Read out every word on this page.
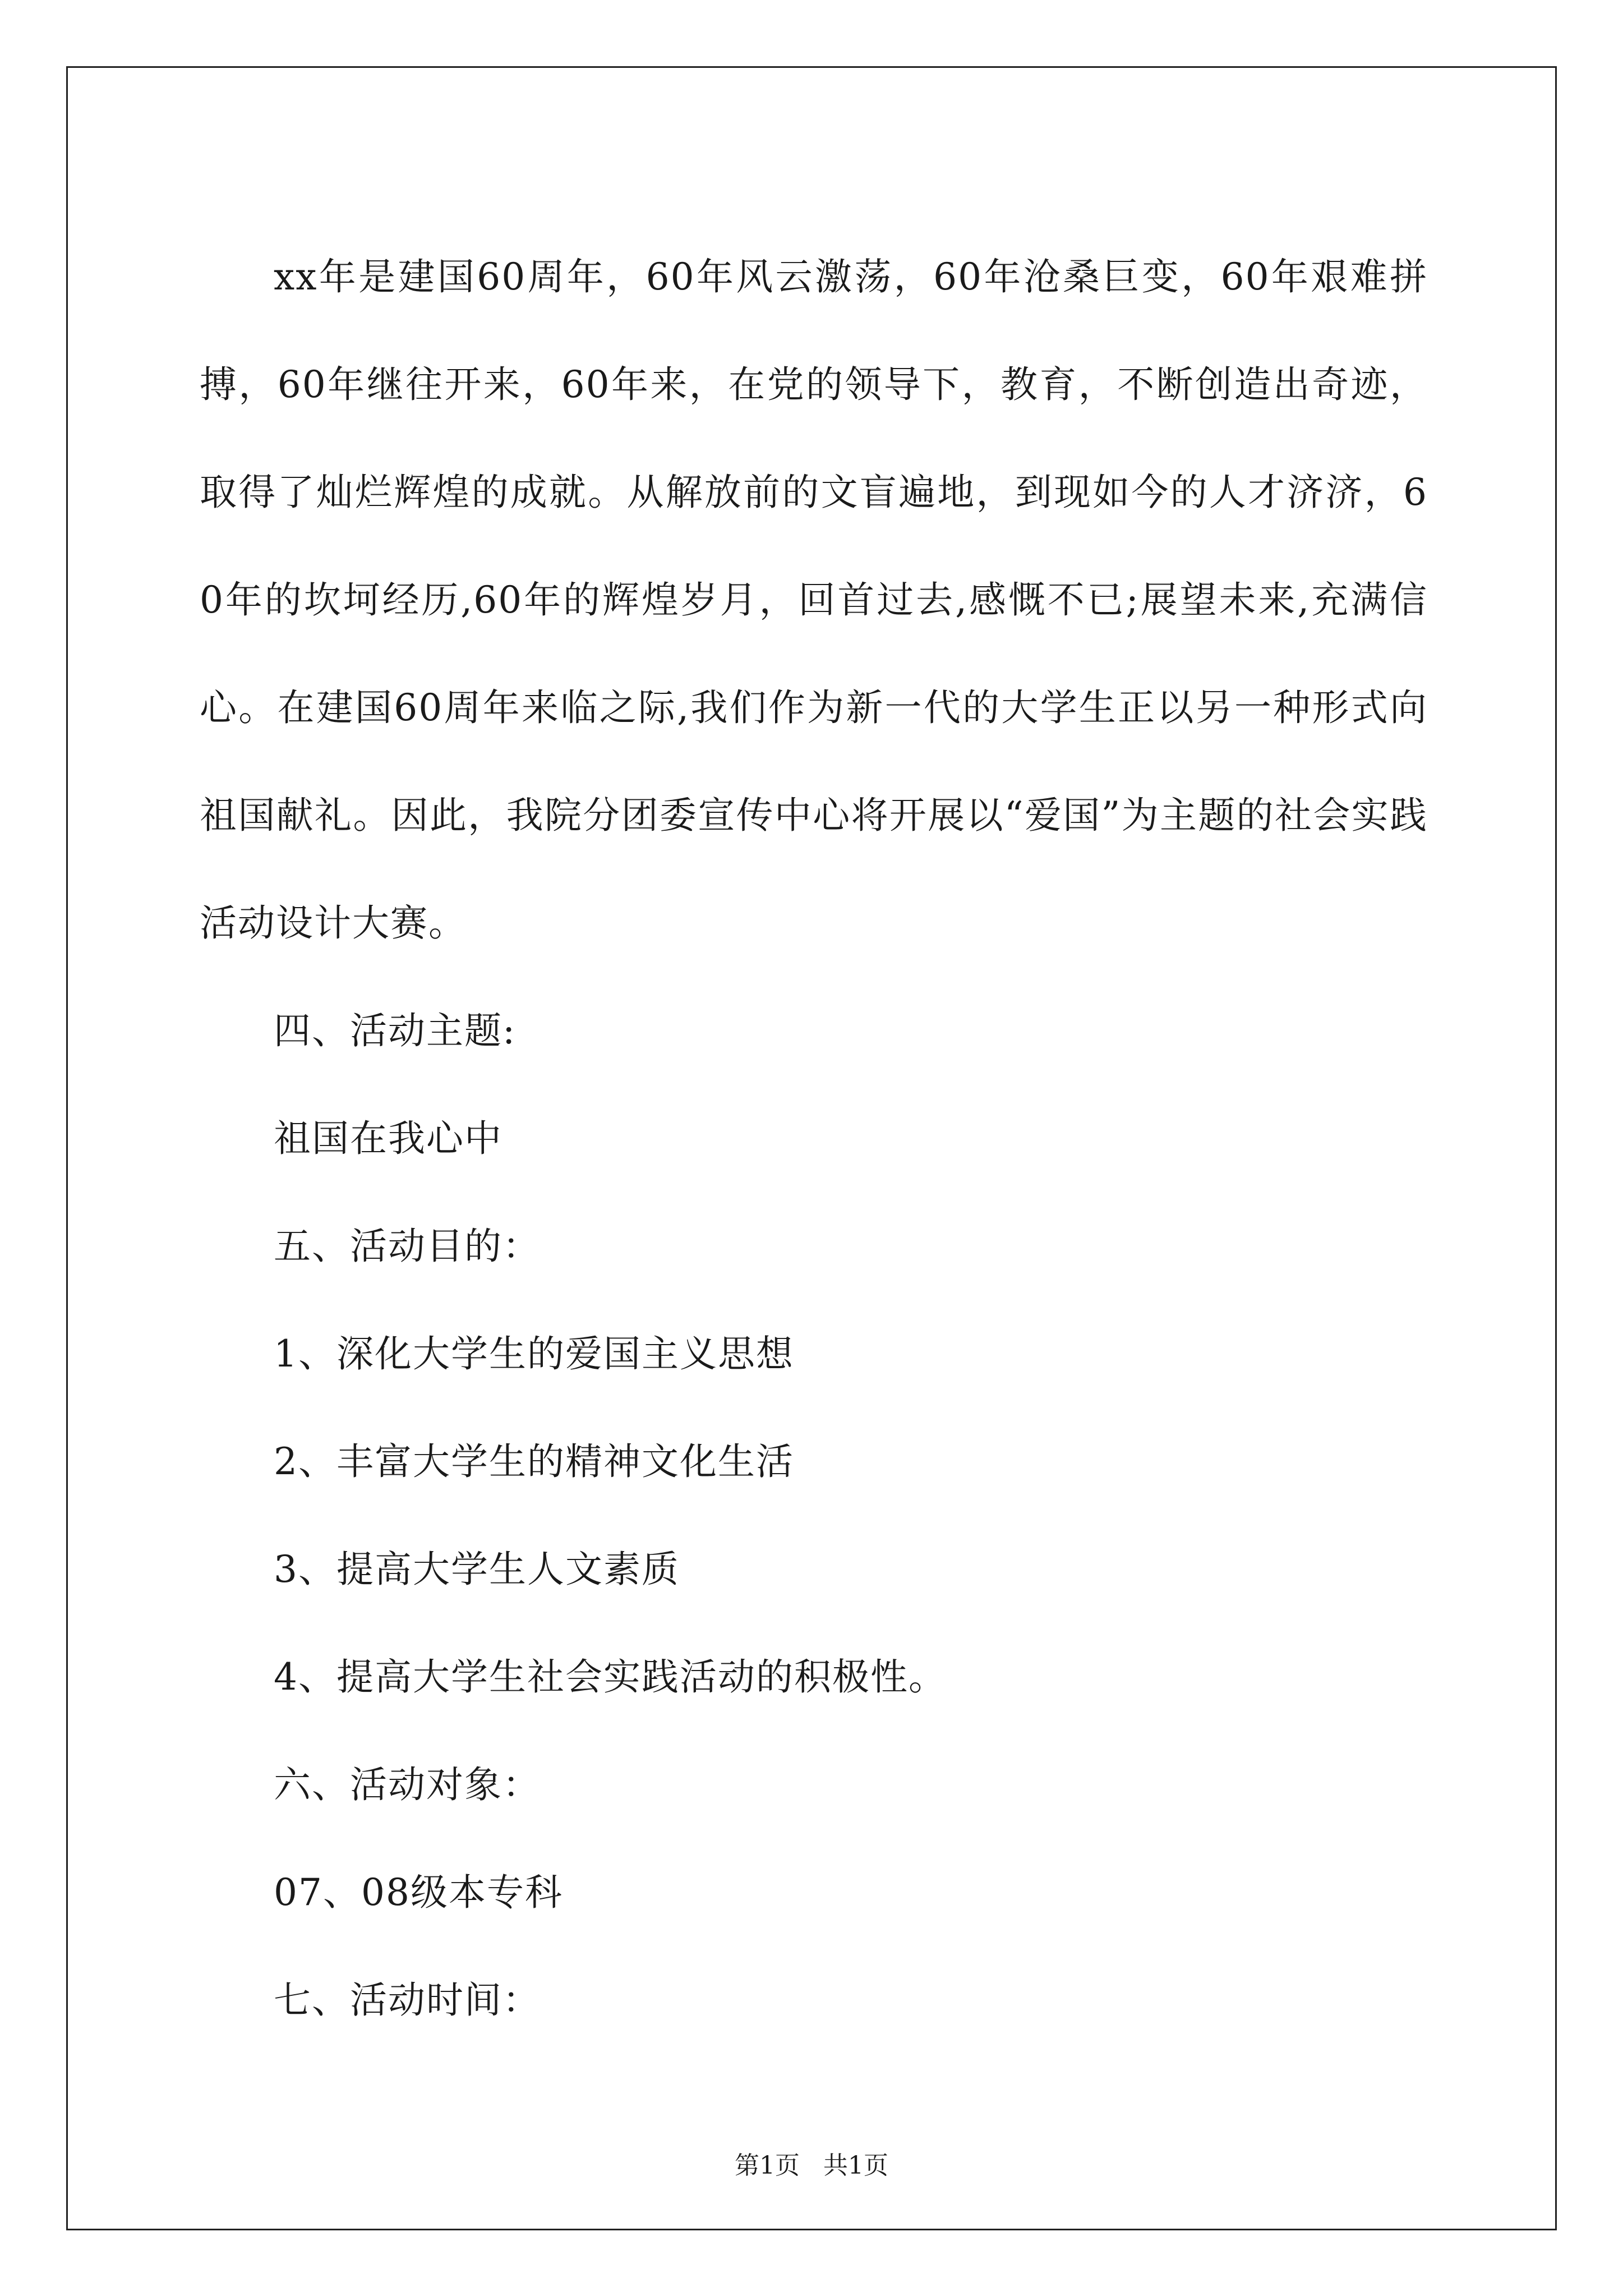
xx年是建国60周年，60年风云激荡，60年沧桑巨变，60年艰难拼搏，60年继往开来，60年来，在党的领导下，教育，不断创造出奇迹，取得了灿烂辉煌的成就。从解放前的文盲遍地，到现如今的人才济济，60年的坎坷经历,60年的辉煌岁月，回首过去,感慨不已;展望未来,充满信心。在建国60周年来临之际,我们作为新一代的大学生正以另一种形式向祖国献礼。因此，我院分团委宣传中心将开展以“爱国”为主题的社会实践活动设计大赛。

四、活动主题:

祖国在我心中

五、活动目的：

1、深化大学生的爱国主义思想

2、丰富大学生的精神文化生活

3、提高大学生人文素质

4、提高大学生社会实践活动的积极性。

六、活动对象：

07、08级本专科

七、活动时间：

第1页 共1页
